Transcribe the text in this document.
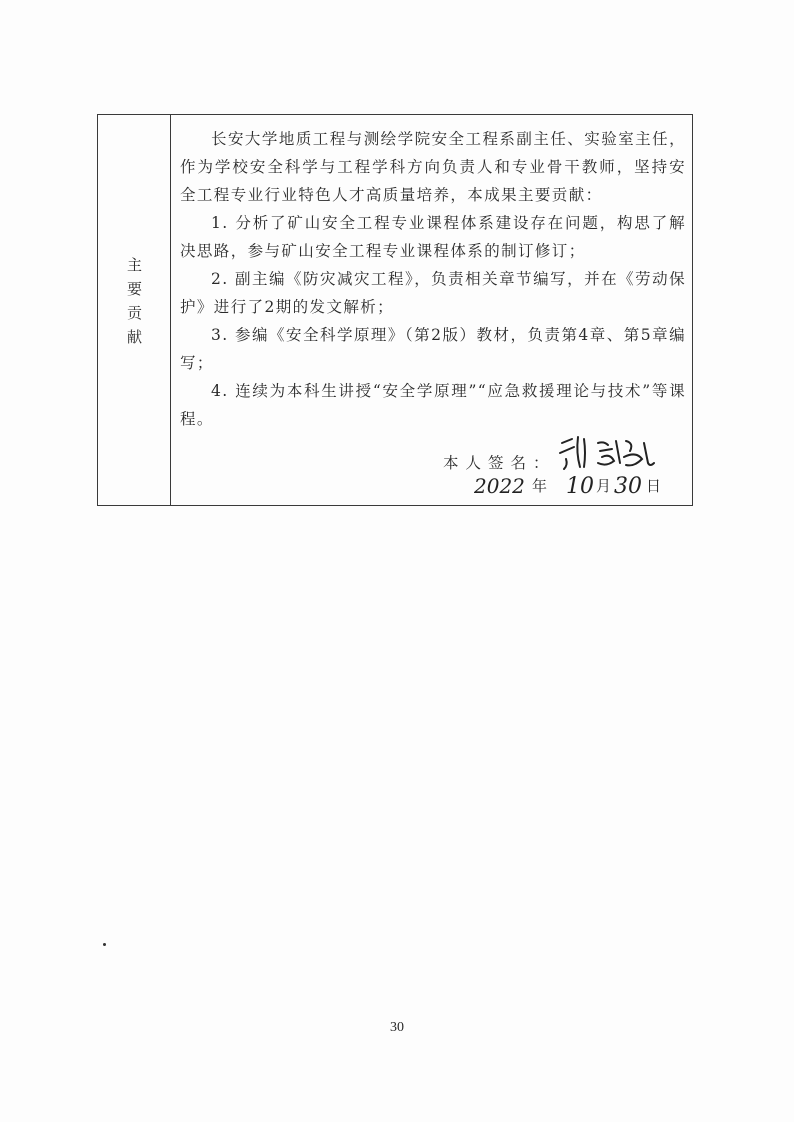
主
要
贡
献

长安大学地质工程与测绘学院安全工程系副主任、实验室主任，作为学校安全科学与工程学科方向负责人和专业骨干教师，坚持安全工程专业行业特色人才高质量培养，本成果主要贡献：

1. 分析了矿山安全工程专业课程体系建设存在问题，构思了解决思路，参与矿山安全工程专业课程体系的制订修订；

2. 副主编《防灾减灾工程》，负责相关章节编写，并在《劳动保护》进行了2期的发文解析；

3. 参编《安全科学原理》（第2版）教材，负责第4章、第5章编写；

4. 连续为本科生讲授“安全学原理”“应急救援理论与技术”等课程。

本人签名：
2022 年 10 月 30 日
30
